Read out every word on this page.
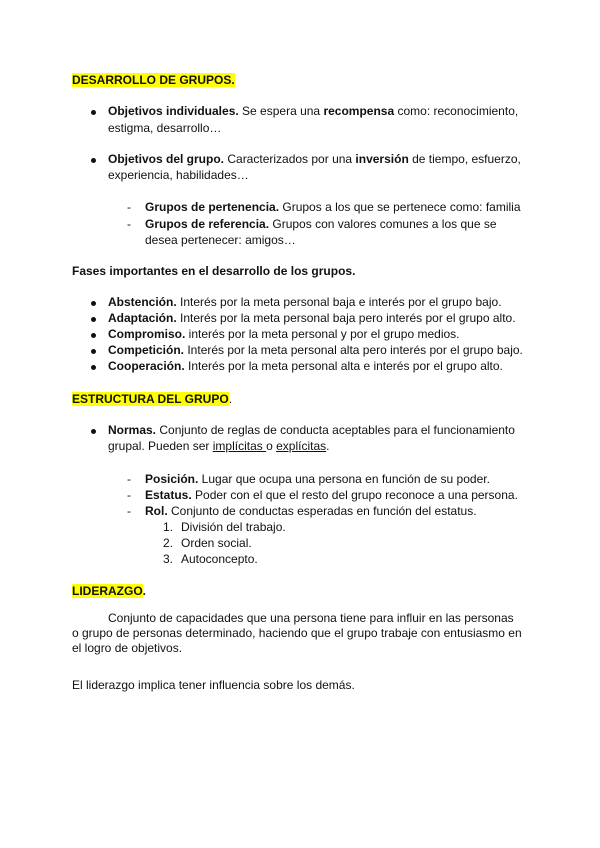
DESARROLLO DE GRUPOS.
Objetivos individuales. Se espera una recompensa como: reconocimiento,
estigma, desarrollo…
Objetivos del grupo. Caracterizados por una inversión de tiempo, esfuerzo,
experiencia, habilidades…
- Grupos de pertenencia. Grupos a los que se pertenece como: familia
- Grupos de referencia. Grupos con valores comunes a los que se
desea pertenecer: amigos…
Fases importantes en el desarrollo de los grupos.
Abstención. Interés por la meta personal baja e interés por el grupo bajo.
Adaptación. Interés por la meta personal baja pero interés por el grupo alto.
Compromiso. interés por la meta personal y por el grupo medios.
Competición. Interés por la meta personal alta pero interés por el grupo bajo.
Cooperación. Interés por la meta personal alta e interés por el grupo alto.
ESTRUCTURA DEL GRUPO.
Normas. Conjunto de reglas de conducta aceptables para el funcionamiento
grupal. Pueden ser implícitas o explícitas.
- Posición. Lugar que ocupa una persona en función de su poder.
- Estatus. Poder con el que el resto del grupo reconoce a una persona.
- Rol. Conjunto de conductas esperadas en función del estatus.
1. División del trabajo.
2. Orden social.
3. Autoconcepto.
LIDERAZGO.
Conjunto de capacidades que una persona tiene para influir en las personas
o grupo de personas determinado, haciendo que el grupo trabaje con entusiasmo en
el logro de objetivos.
El liderazgo implica tener influencia sobre los demás.
